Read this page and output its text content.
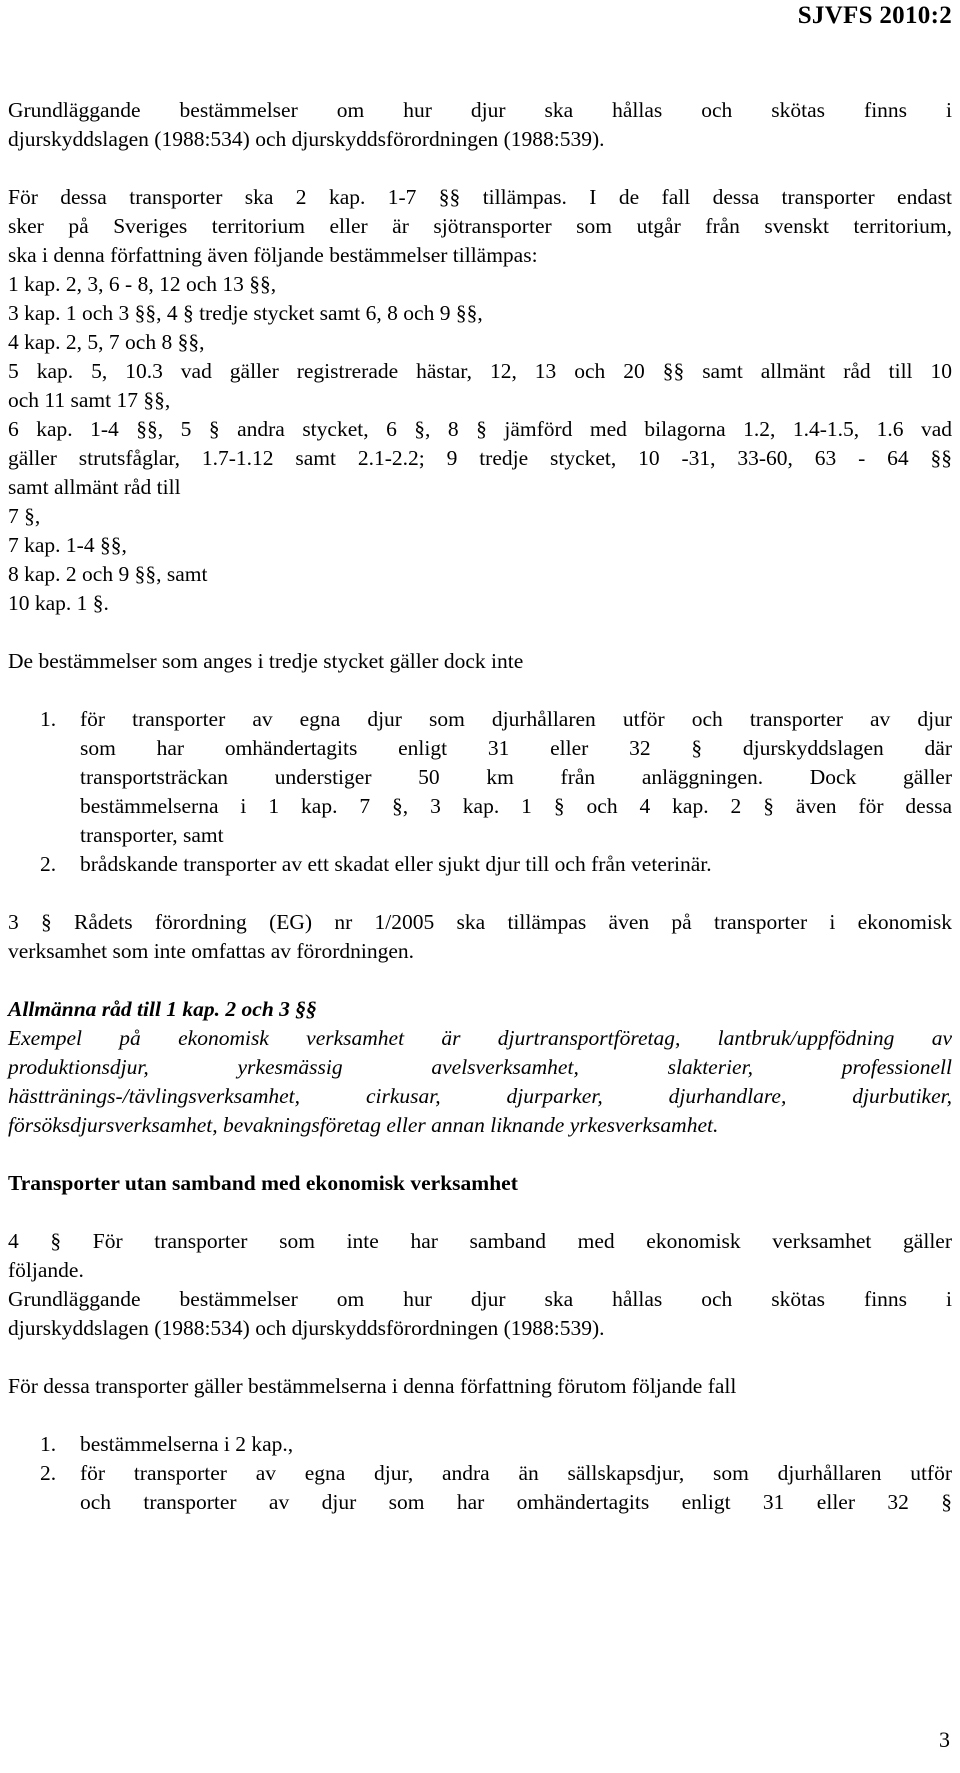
SJVFS 2010:2
Grundläggande bestämmelser om hur djur ska hållas och skötas finns i
djurskyddslagen (1988:534) och djurskyddsförordningen (1988:539).
För dessa transporter ska 2 kap. 1-7 §§ tillämpas. I de fall dessa transporter endast
sker på Sveriges territorium eller är sjötransporter som utgår från svenskt territorium,
ska i denna författning även följande bestämmelser tillämpas:
1 kap. 2, 3, 6 - 8, 12 och 13 §§,
3 kap. 1 och 3 §§, 4 § tredje stycket samt 6, 8 och 9 §§,
4 kap. 2, 5, 7 och 8 §§,
5 kap. 5, 10.3 vad gäller registrerade hästar, 12, 13 och 20 §§ samt allmänt råd till 10
och 11 samt 17 §§,
6 kap. 1-4 §§, 5 § andra stycket, 6 §, 8 § jämförd med bilagorna 1.2, 1.4-1.5, 1.6 vad
gäller strutsfåglar, 1.7-1.12 samt 2.1-2.2; 9 tredje stycket, 10 -31, 33-60, 63 - 64 §§
samt allmänt råd till
7 §,
7 kap. 1-4 §§,
8 kap. 2 och 9 §§, samt
10 kap. 1 §.
De bestämmelser som anges i tredje stycket gäller dock inte
1.	för transporter av egna djur som djurhållaren utför och transporter av djur
som har omhändertagits enligt 31 eller 32 § djurskyddslagen där
transportsträckan understiger 50 km från anläggningen. Dock gäller
bestämmelserna i 1 kap. 7 §, 3 kap. 1 § och 4 kap. 2 § även för dessa
transporter, samt
2.	brådskande transporter av ett skadat eller sjukt djur till och från veterinär.
3 § Rådets förordning (EG) nr 1/2005 ska tillämpas även på transporter i ekonomisk
verksamhet som inte omfattas av förordningen.
Allmänna råd till 1 kap. 2 och 3 §§
Exempel på ekonomisk verksamhet är djurtransportföretag, lantbruk/uppfödning av
produktionsdjur, yrkesmässig avelsverksamhet, slakterier, professionell
hästtränings-/tävlingsverksamhet, cirkusar, djurparker, djurhandlare, djurbutiker,
försöksdjursverksamhet, bevakningsföretag eller annan liknande yrkesverksamhet.
Transporter utan samband med ekonomisk verksamhet
4 § För transporter som inte har samband med ekonomisk verksamhet gäller
följande.
Grundläggande bestämmelser om hur djur ska hållas och skötas finns i
djurskyddslagen (1988:534) och djurskyddsförordningen (1988:539).
För dessa transporter gäller bestämmelserna i denna författning förutom följande fall
1.	bestämmelserna i 2 kap.,
2.	för transporter av egna djur, andra än sällskapsdjur, som djurhållaren utför
och transporter av djur som har omhändertagits enligt 31 eller 32 §
3
